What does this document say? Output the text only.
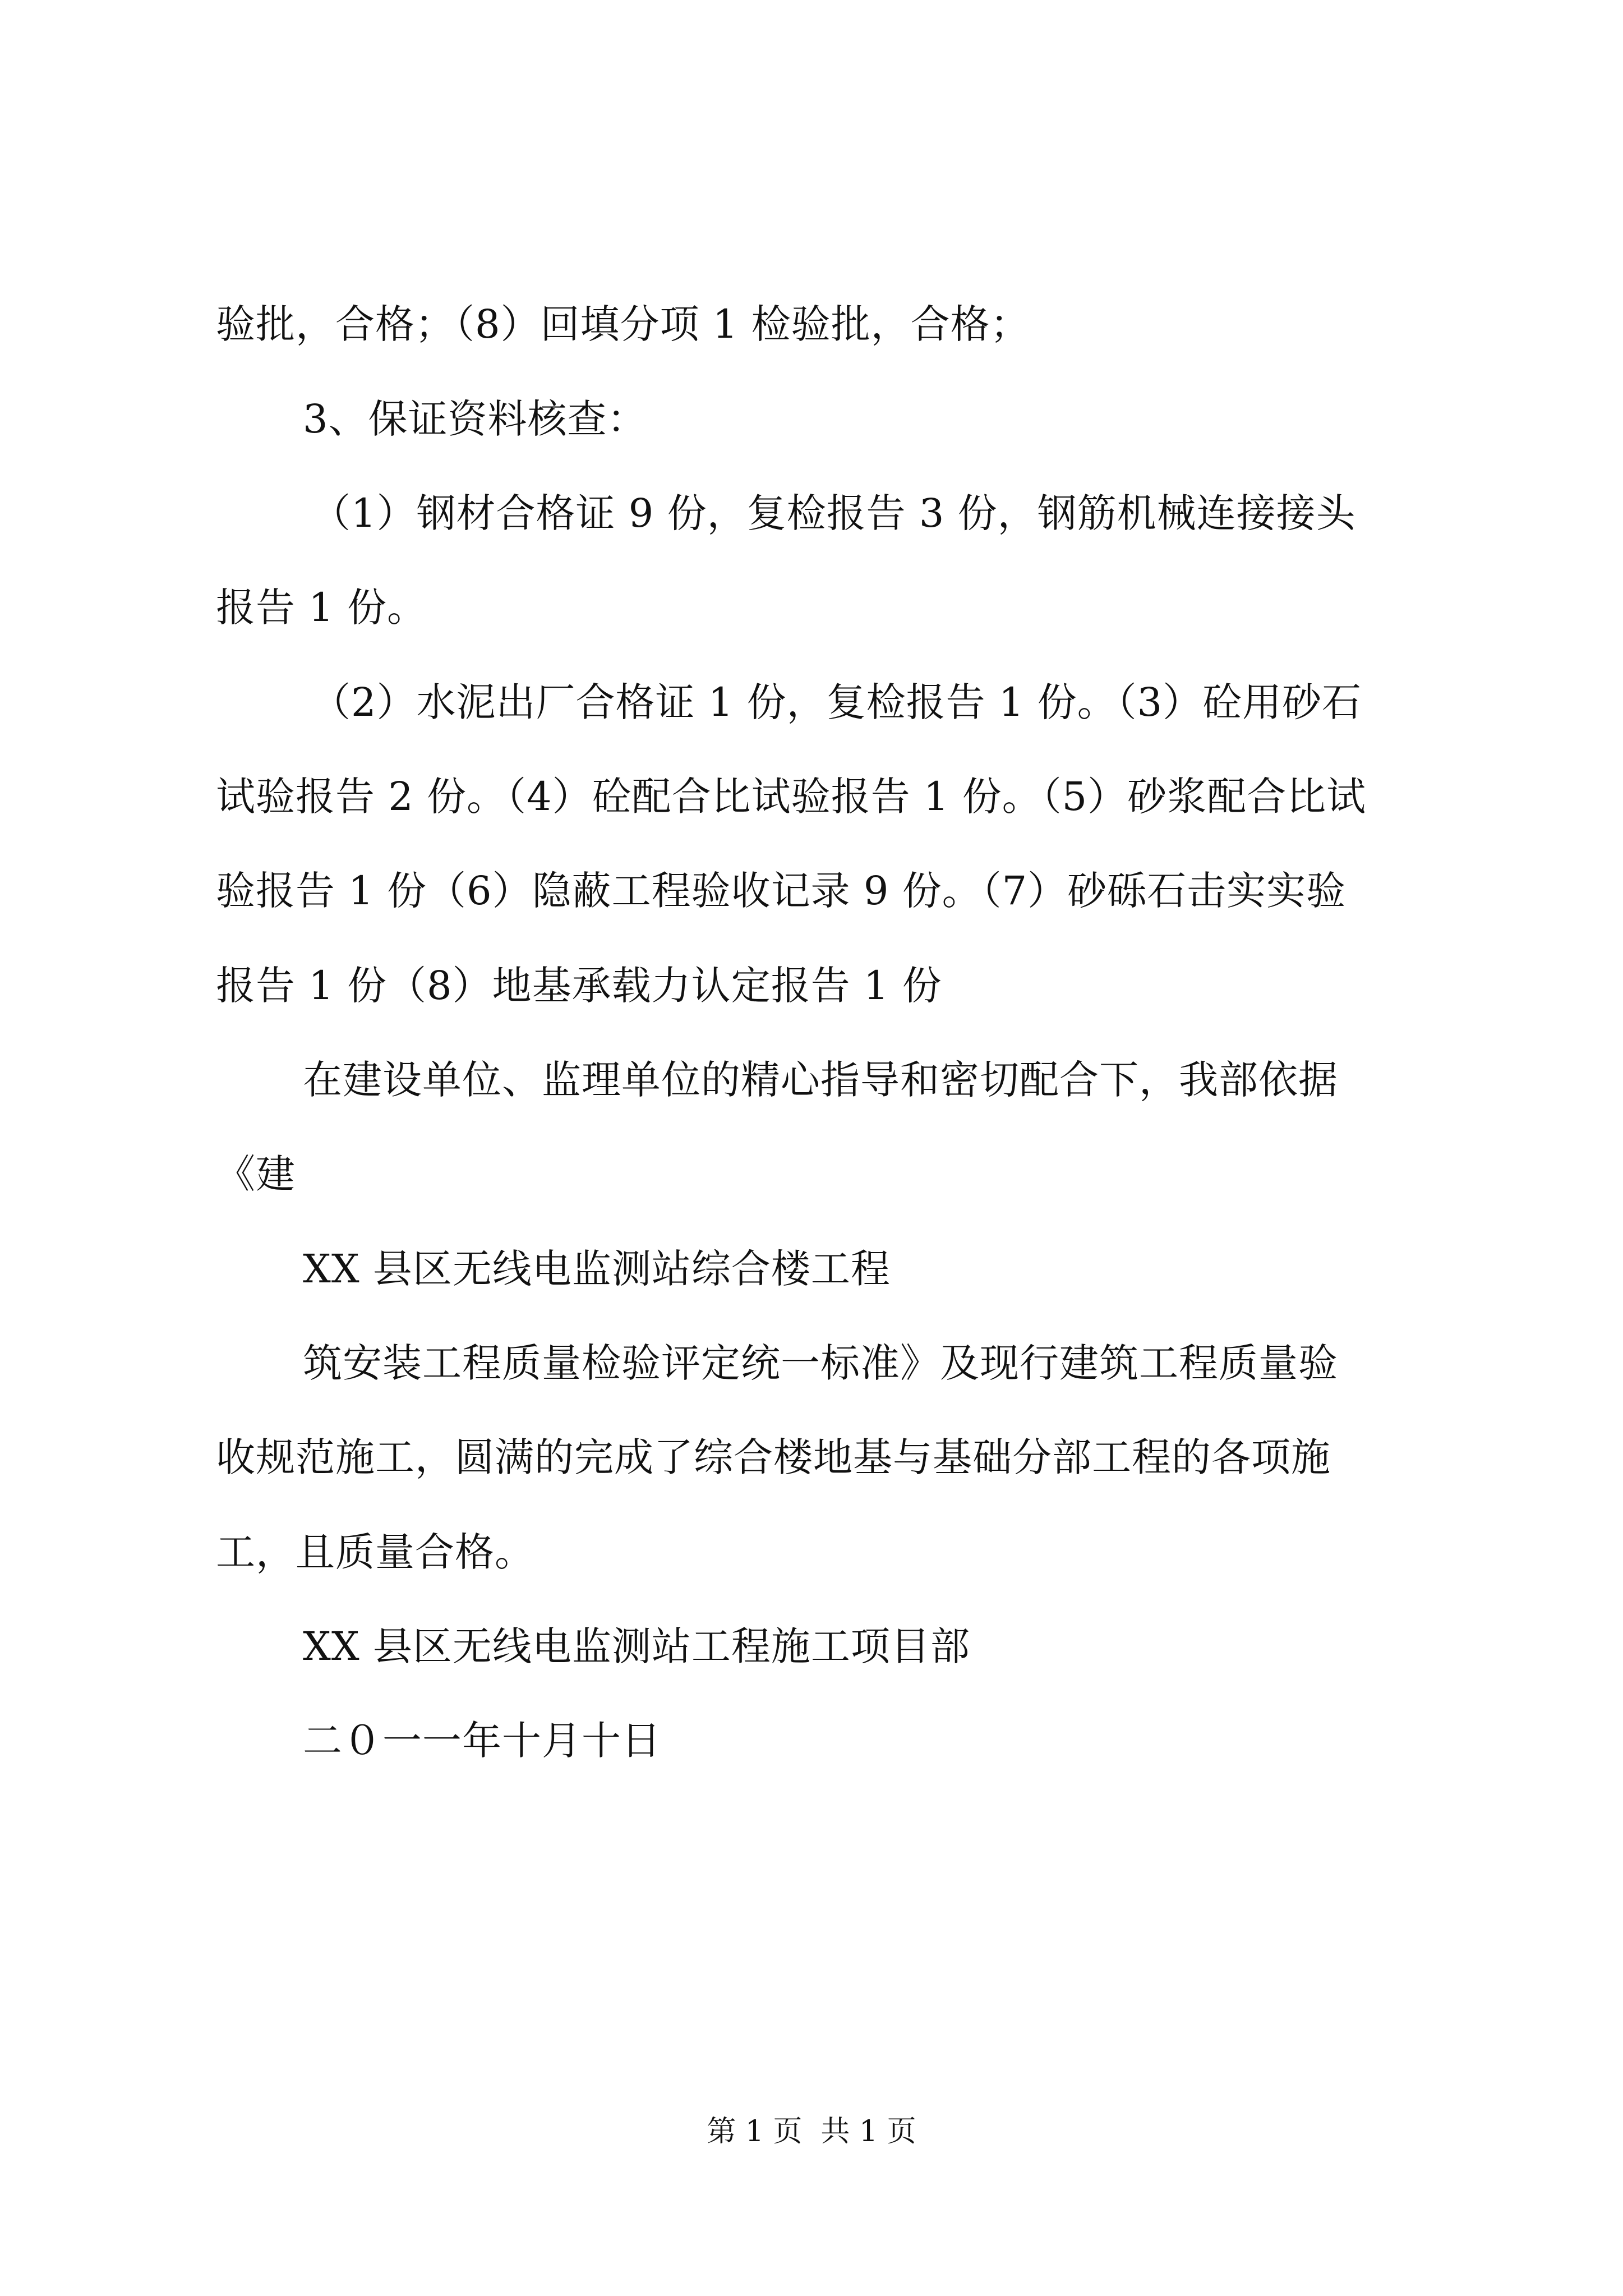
验批，合格；（8）回填分项 1 检验批，合格；

3、保证资料核查：

（1）钢材合格证 9 份，复检报告 3 份，钢筋机械连接接头

报告 1 份。

（2）水泥出厂合格证 1 份，复检报告 1 份。（3）砼用砂石

试验报告 2 份。（4）砼配合比试验报告 1 份。（5）砂浆配合比试

验报告 1 份（6）隐蔽工程验收记录 9 份。（7）砂砾石击实实验

报告 1 份（8）地基承载力认定报告 1 份

在建设单位、监理单位的精心指导和密切配合下，我部依据

《建

XX 县区无线电监测站综合楼工程

筑安装工程质量检验评定统一标准》及现行建筑工程质量验

收规范施工，圆满的完成了综合楼地基与基础分部工程的各项施

工，且质量合格。

XX 县区无线电监测站工程施工项目部

二０一一年十月十日

第 1 页  共 1 页
